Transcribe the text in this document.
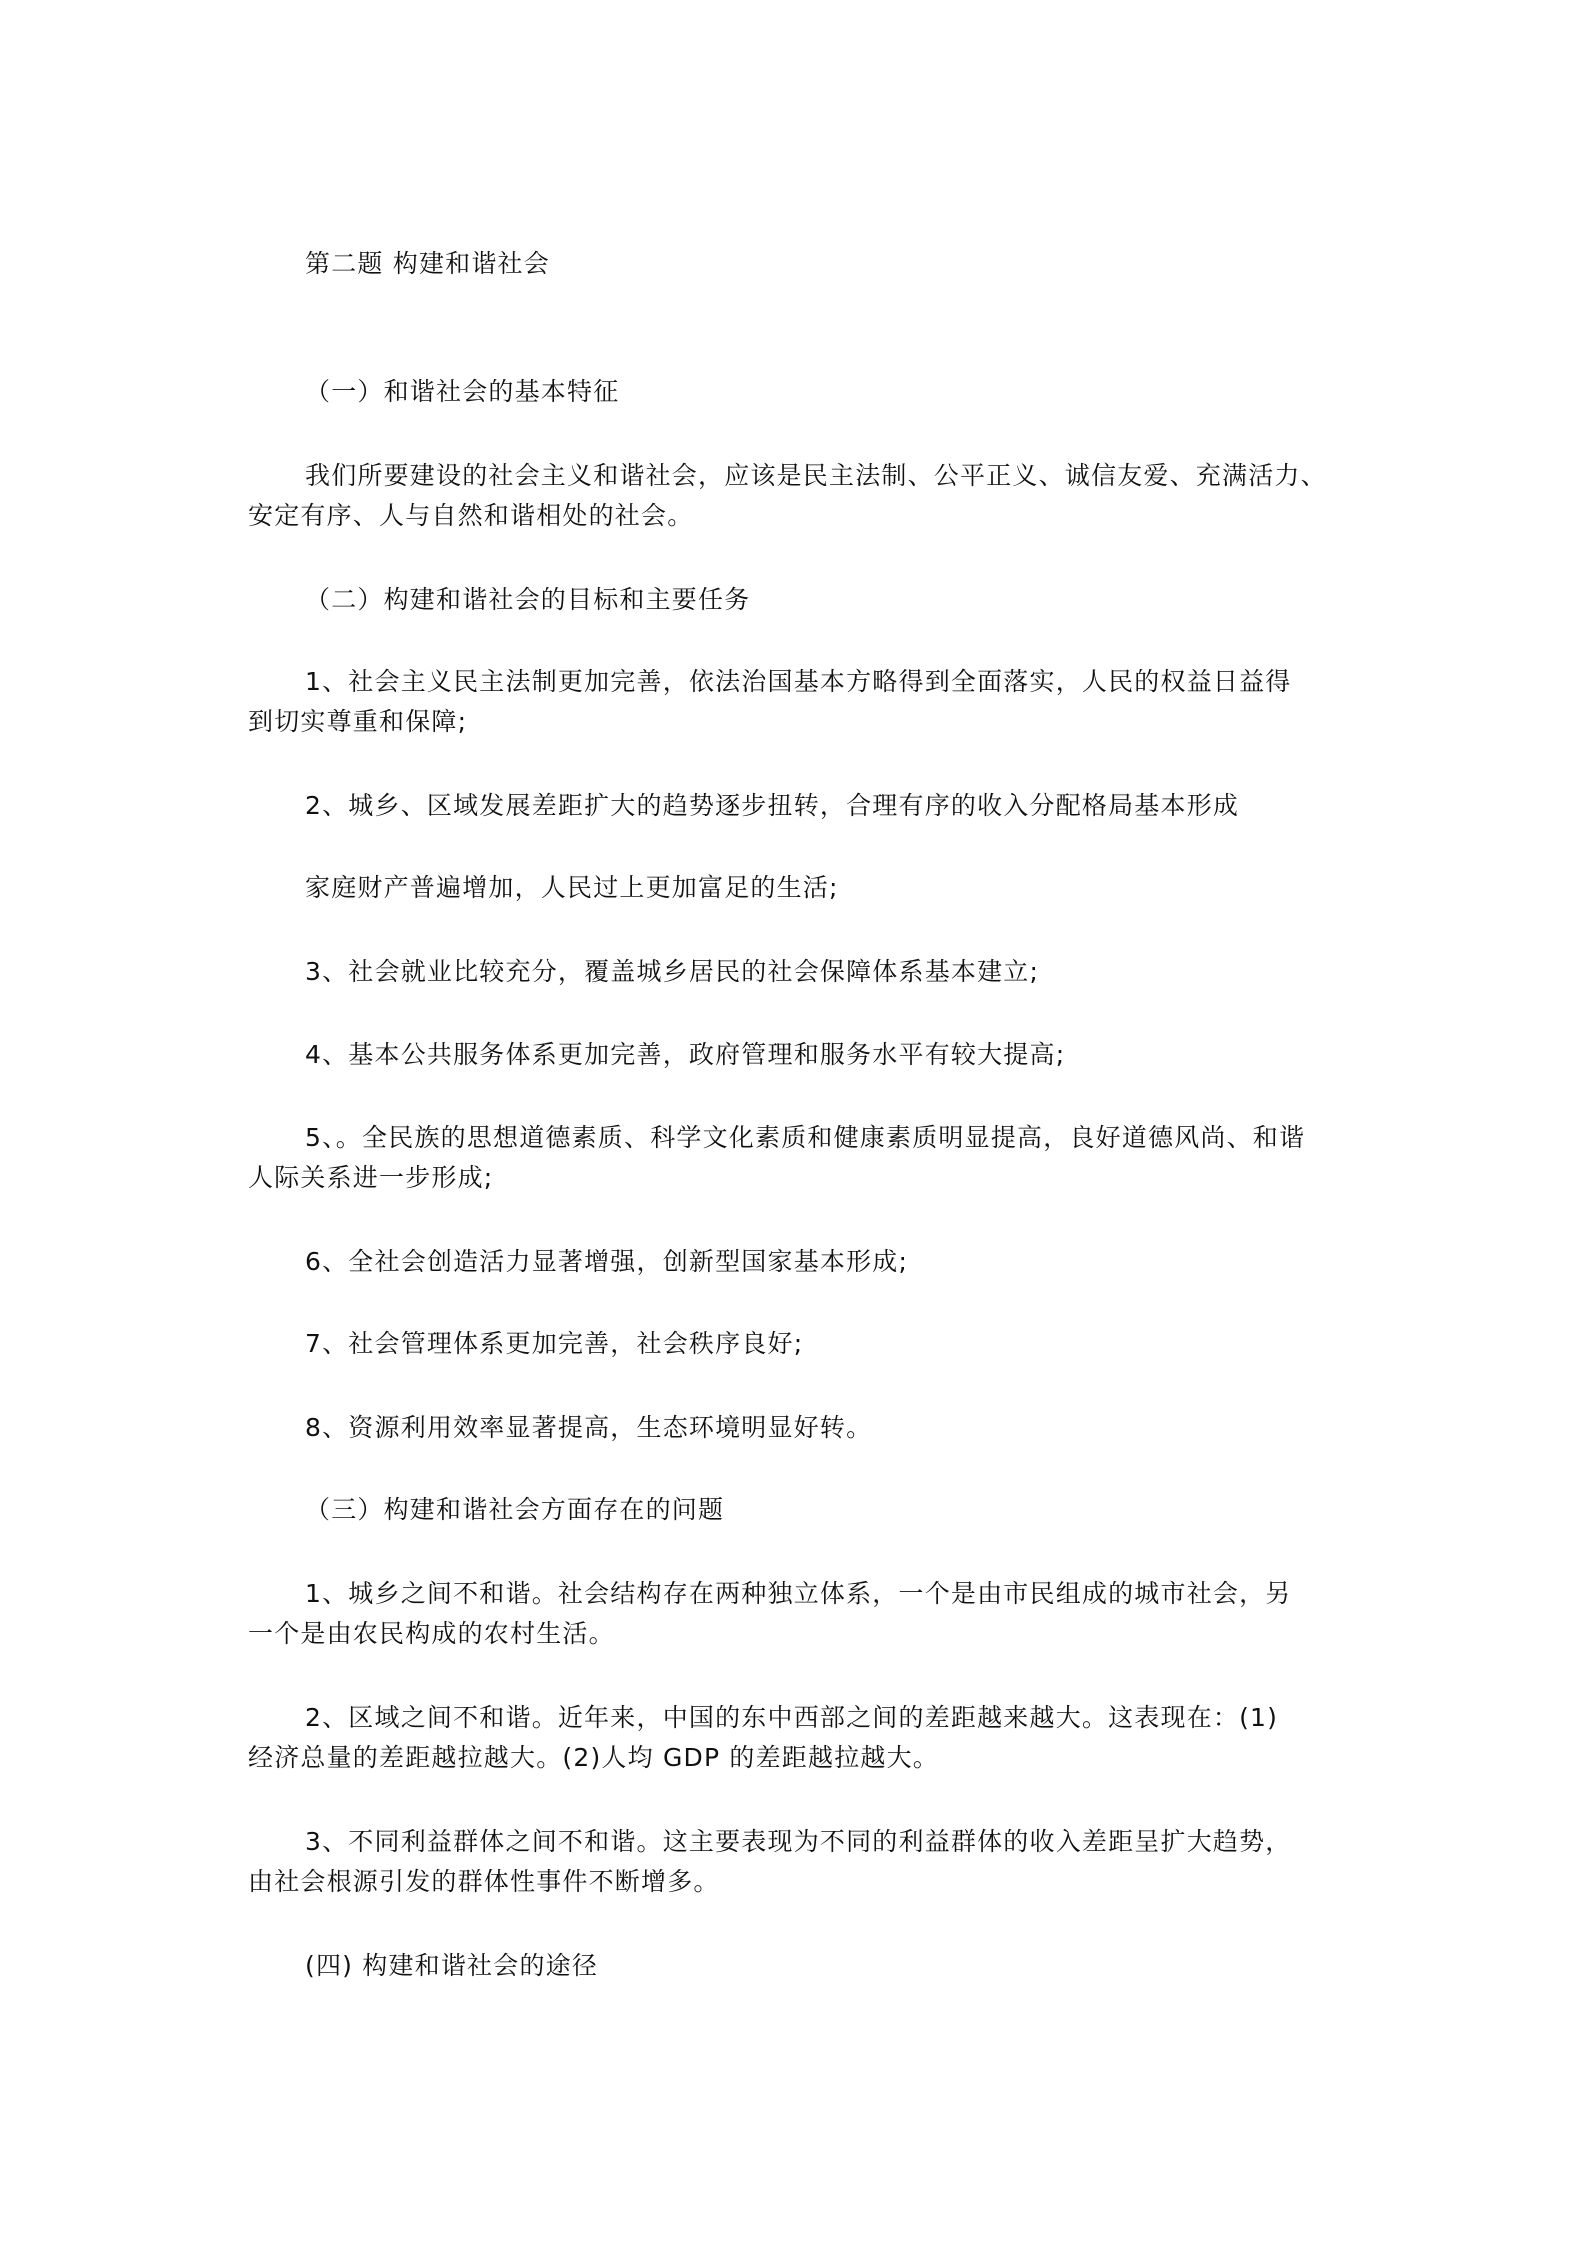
第二题 构建和谐社会

（一）和谐社会的基本特征

我们所要建设的社会主义和谐社会，应该是民主法制、公平正义、诚信友爱、充满活力、

安定有序、人与自然和谐相处的社会。

（二）构建和谐社会的目标和主要任务

1、社会主义民主法制更加完善，依法治国基本方略得到全面落实，人民的权益日益得

到切实尊重和保障;

2、城乡、区域发展差距扩大的趋势逐步扭转，合理有序的收入分配格局基本形成

家庭财产普遍增加，人民过上更加富足的生活;

3、社会就业比较充分，覆盖城乡居民的社会保障体系基本建立;

4、基本公共服务体系更加完善，政府管理和服务水平有较大提高;

5、。全民族的思想道德素质、科学文化素质和健康素质明显提高，良好道德风尚、和谐

人际关系进一步形成;

6、全社会创造活力显著增强，创新型国家基本形成;

7、社会管理体系更加完善，社会秩序良好;

8、资源利用效率显著提高，生态环境明显好转。

（三）构建和谐社会方面存在的问题

1、城乡之间不和谐。社会结构存在两种独立体系，一个是由市民组成的城市社会，另

一个是由农民构成的农村生活。

2、区域之间不和谐。近年来，中国的东中西部之间的差距越来越大。这表现在：(1)

经济总量的差距越拉越大。(2)人均 GDP 的差距越拉越大。

3、不同利益群体之间不和谐。这主要表现为不同的利益群体的收入差距呈扩大趋势，

由社会根源引发的群体性事件不断增多。

(四) 构建和谐社会的途径
